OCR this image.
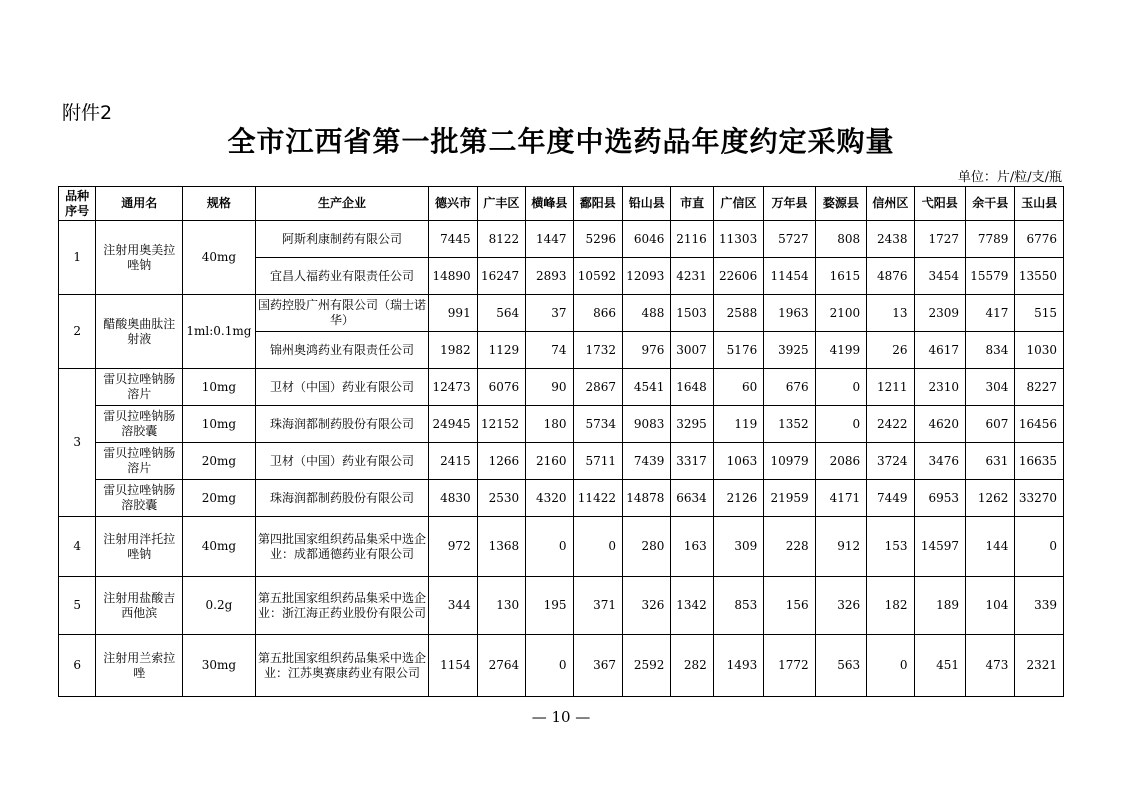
附件2
全市江西省第一批第二年度中选药品年度约定采购量
单位：片/粒/支/瓶
品种
序号	通用名	规格	生产企业	德兴市	广丰区	横峰县	鄱阳县	铅山县	市直	广信区	万年县	婺源县	信州区	弋阳县	余干县	玉山县
1	注射用奥美拉唑钠	40mg	阿斯利康制药有限公司	7445	8122	1447	5296	6046	2116	11303	5727	808	2438	1727	7789	6776
			宜昌人福药业有限责任公司	14890	16247	2893	10592	12093	4231	22606	11454	1615	4876	3454	15579	13550
2	醋酸奥曲肽注射液	1ml:0.1mg	国药控股广州有限公司（瑞士诺华）	991	564	37	866	488	1503	2588	1963	2100	13	2309	417	515
			锦州奥鸿药业有限责任公司	1982	1129	74	1732	976	3007	5176	3925	4199	26	4617	834	1030
3	雷贝拉唑钠肠溶片	10mg	卫材（中国）药业有限公司	12473	6076	90	2867	4541	1648	60	676	0	1211	2310	304	8227
	雷贝拉唑钠肠溶胶囊	10mg	珠海润都制药股份有限公司	24945	12152	180	5734	9083	3295	119	1352	0	2422	4620	607	16456
	雷贝拉唑钠肠溶片	20mg	卫材（中国）药业有限公司	2415	1266	2160	5711	7439	3317	1063	10979	2086	3724	3476	631	16635
	雷贝拉唑钠肠溶胶囊	20mg	珠海润都制药股份有限公司	4830	2530	4320	11422	14878	6634	2126	21959	4171	7449	6953	1262	33270
4	注射用泮托拉唑钠	40mg	第四批国家组织药品集采中选企业：成都通德药业有限公司	972	1368	0	0	280	163	309	228	912	153	14597	144	0
5	注射用盐酸吉西他滨	0.2g	第五批国家组织药品集采中选企业：浙江海正药业股份有限公司	344	130	195	371	326	1342	853	156	326	182	189	104	339
6	注射用兰索拉唑	30mg	第五批国家组织药品集采中选企业：江苏奥赛康药业有限公司	1154	2764	0	367	2592	282	1493	1772	563	0	451	473	2321
— 10 —
